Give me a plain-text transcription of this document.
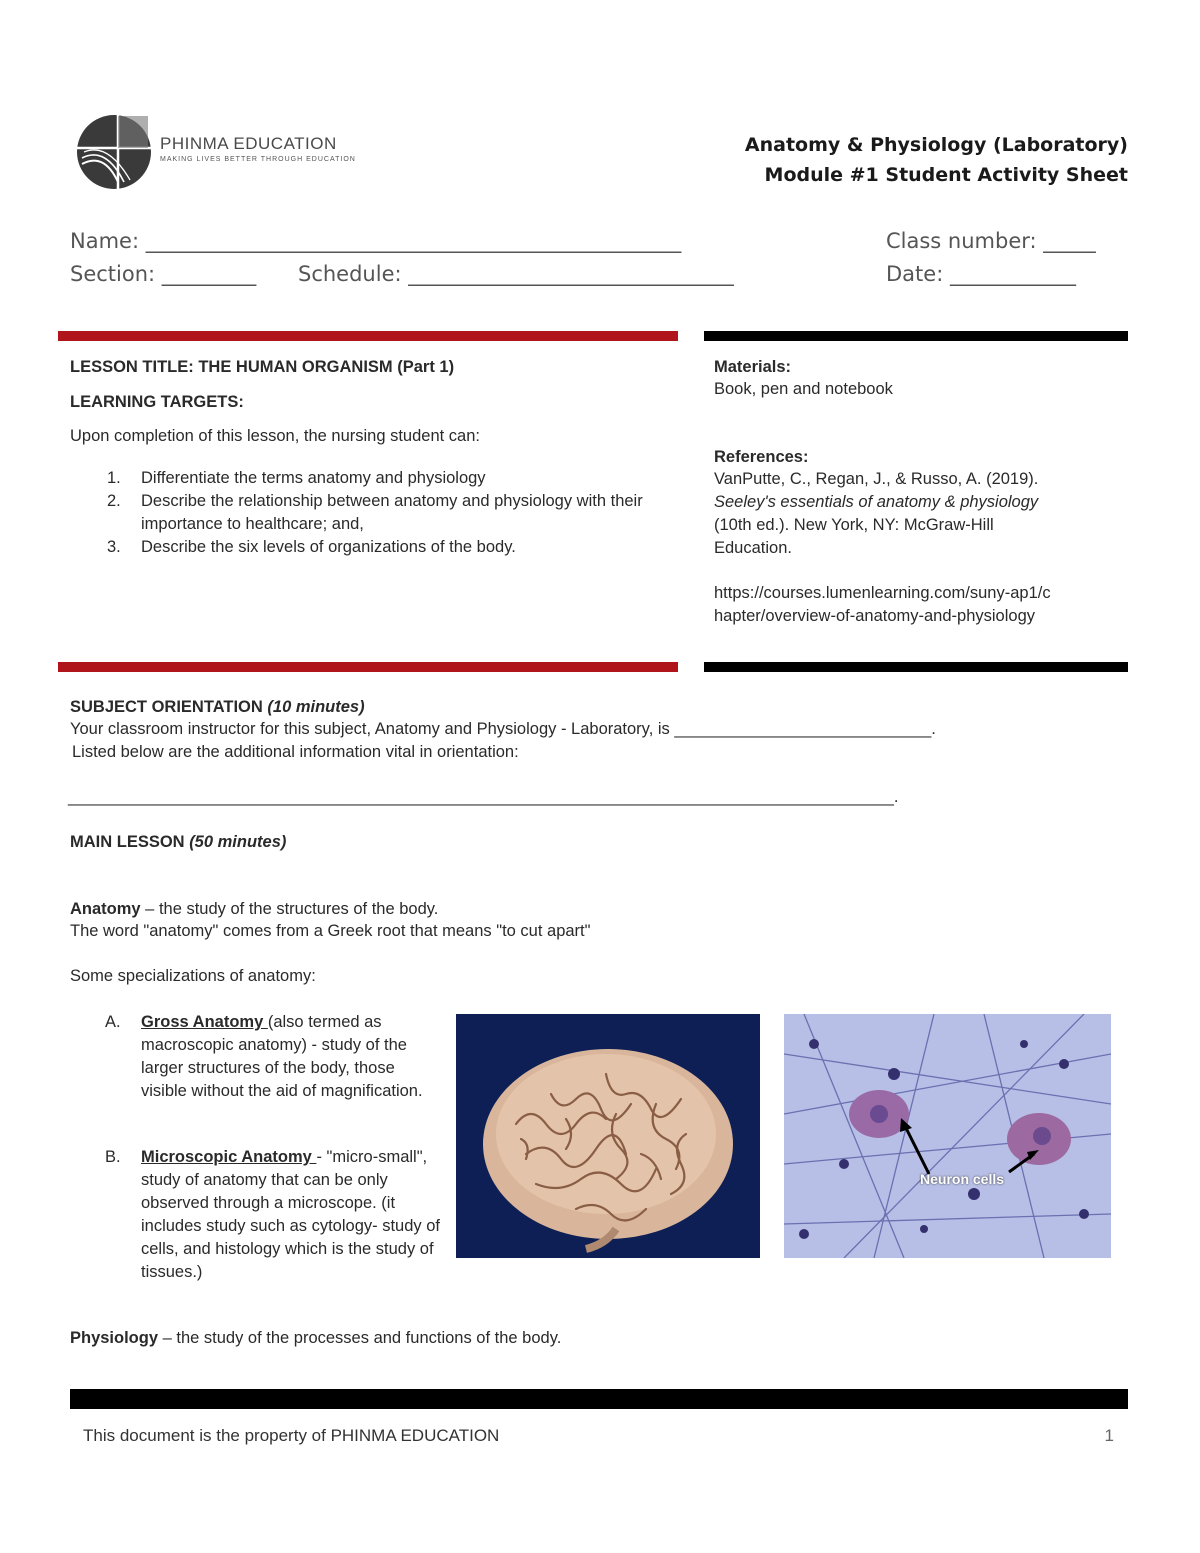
PHINMA EDUCATION
MAKING LIVES BETTER THROUGH EDUCATION
Anatomy & Physiology (Laboratory)
Module #1 Student Activity Sheet
Name: ___________________________________________________	Class number: _____
Section: _________ Schedule: _______________________________	Date: ____________
LESSON TITLE: THE HUMAN ORGANISM (Part 1)
LEARNING TARGETS:
Upon completion of this lesson, the nursing student can:
1. Differentiate the terms anatomy and physiology
2. Describe the relationship between anatomy and physiology with their importance to healthcare; and,
3. Describe the six levels of organizations of the body.
Materials:
Book, pen and notebook
References:
VanPutte, C., Regan, J., & Russo, A. (2019).
Seeley's essentials of anatomy & physiology
(10th ed.). New York, NY: McGraw-Hill
Education.
https://courses.lumenlearning.com/suny-ap1/c
hapter/overview-of-anatomy-and-physiology
SUBJECT ORIENTATION (10 minutes)
Your classroom instructor for this subject, Anatomy and Physiology - Laboratory, is ____________________________.
Listed below are the additional information vital in orientation:
__________________________________________________________________________________________.
MAIN LESSON (50 minutes)
Anatomy – the study of the structures of the body.
The word "anatomy" comes from a Greek root that means "to cut apart"
Some specializations of anatomy:
A. Gross Anatomy (also termed as macroscopic anatomy) - study of the larger structures of the body, those visible without the aid of magnification.
B. Microscopic Anatomy - "micro-small", study of anatomy that can be only observed through a microscope. (it includes study such as cytology- study of cells, and histology which is the study of tissues.)
Neuron cells
Physiology – the study of the processes and functions of the body.
This document is the property of PHINMA EDUCATION	1
